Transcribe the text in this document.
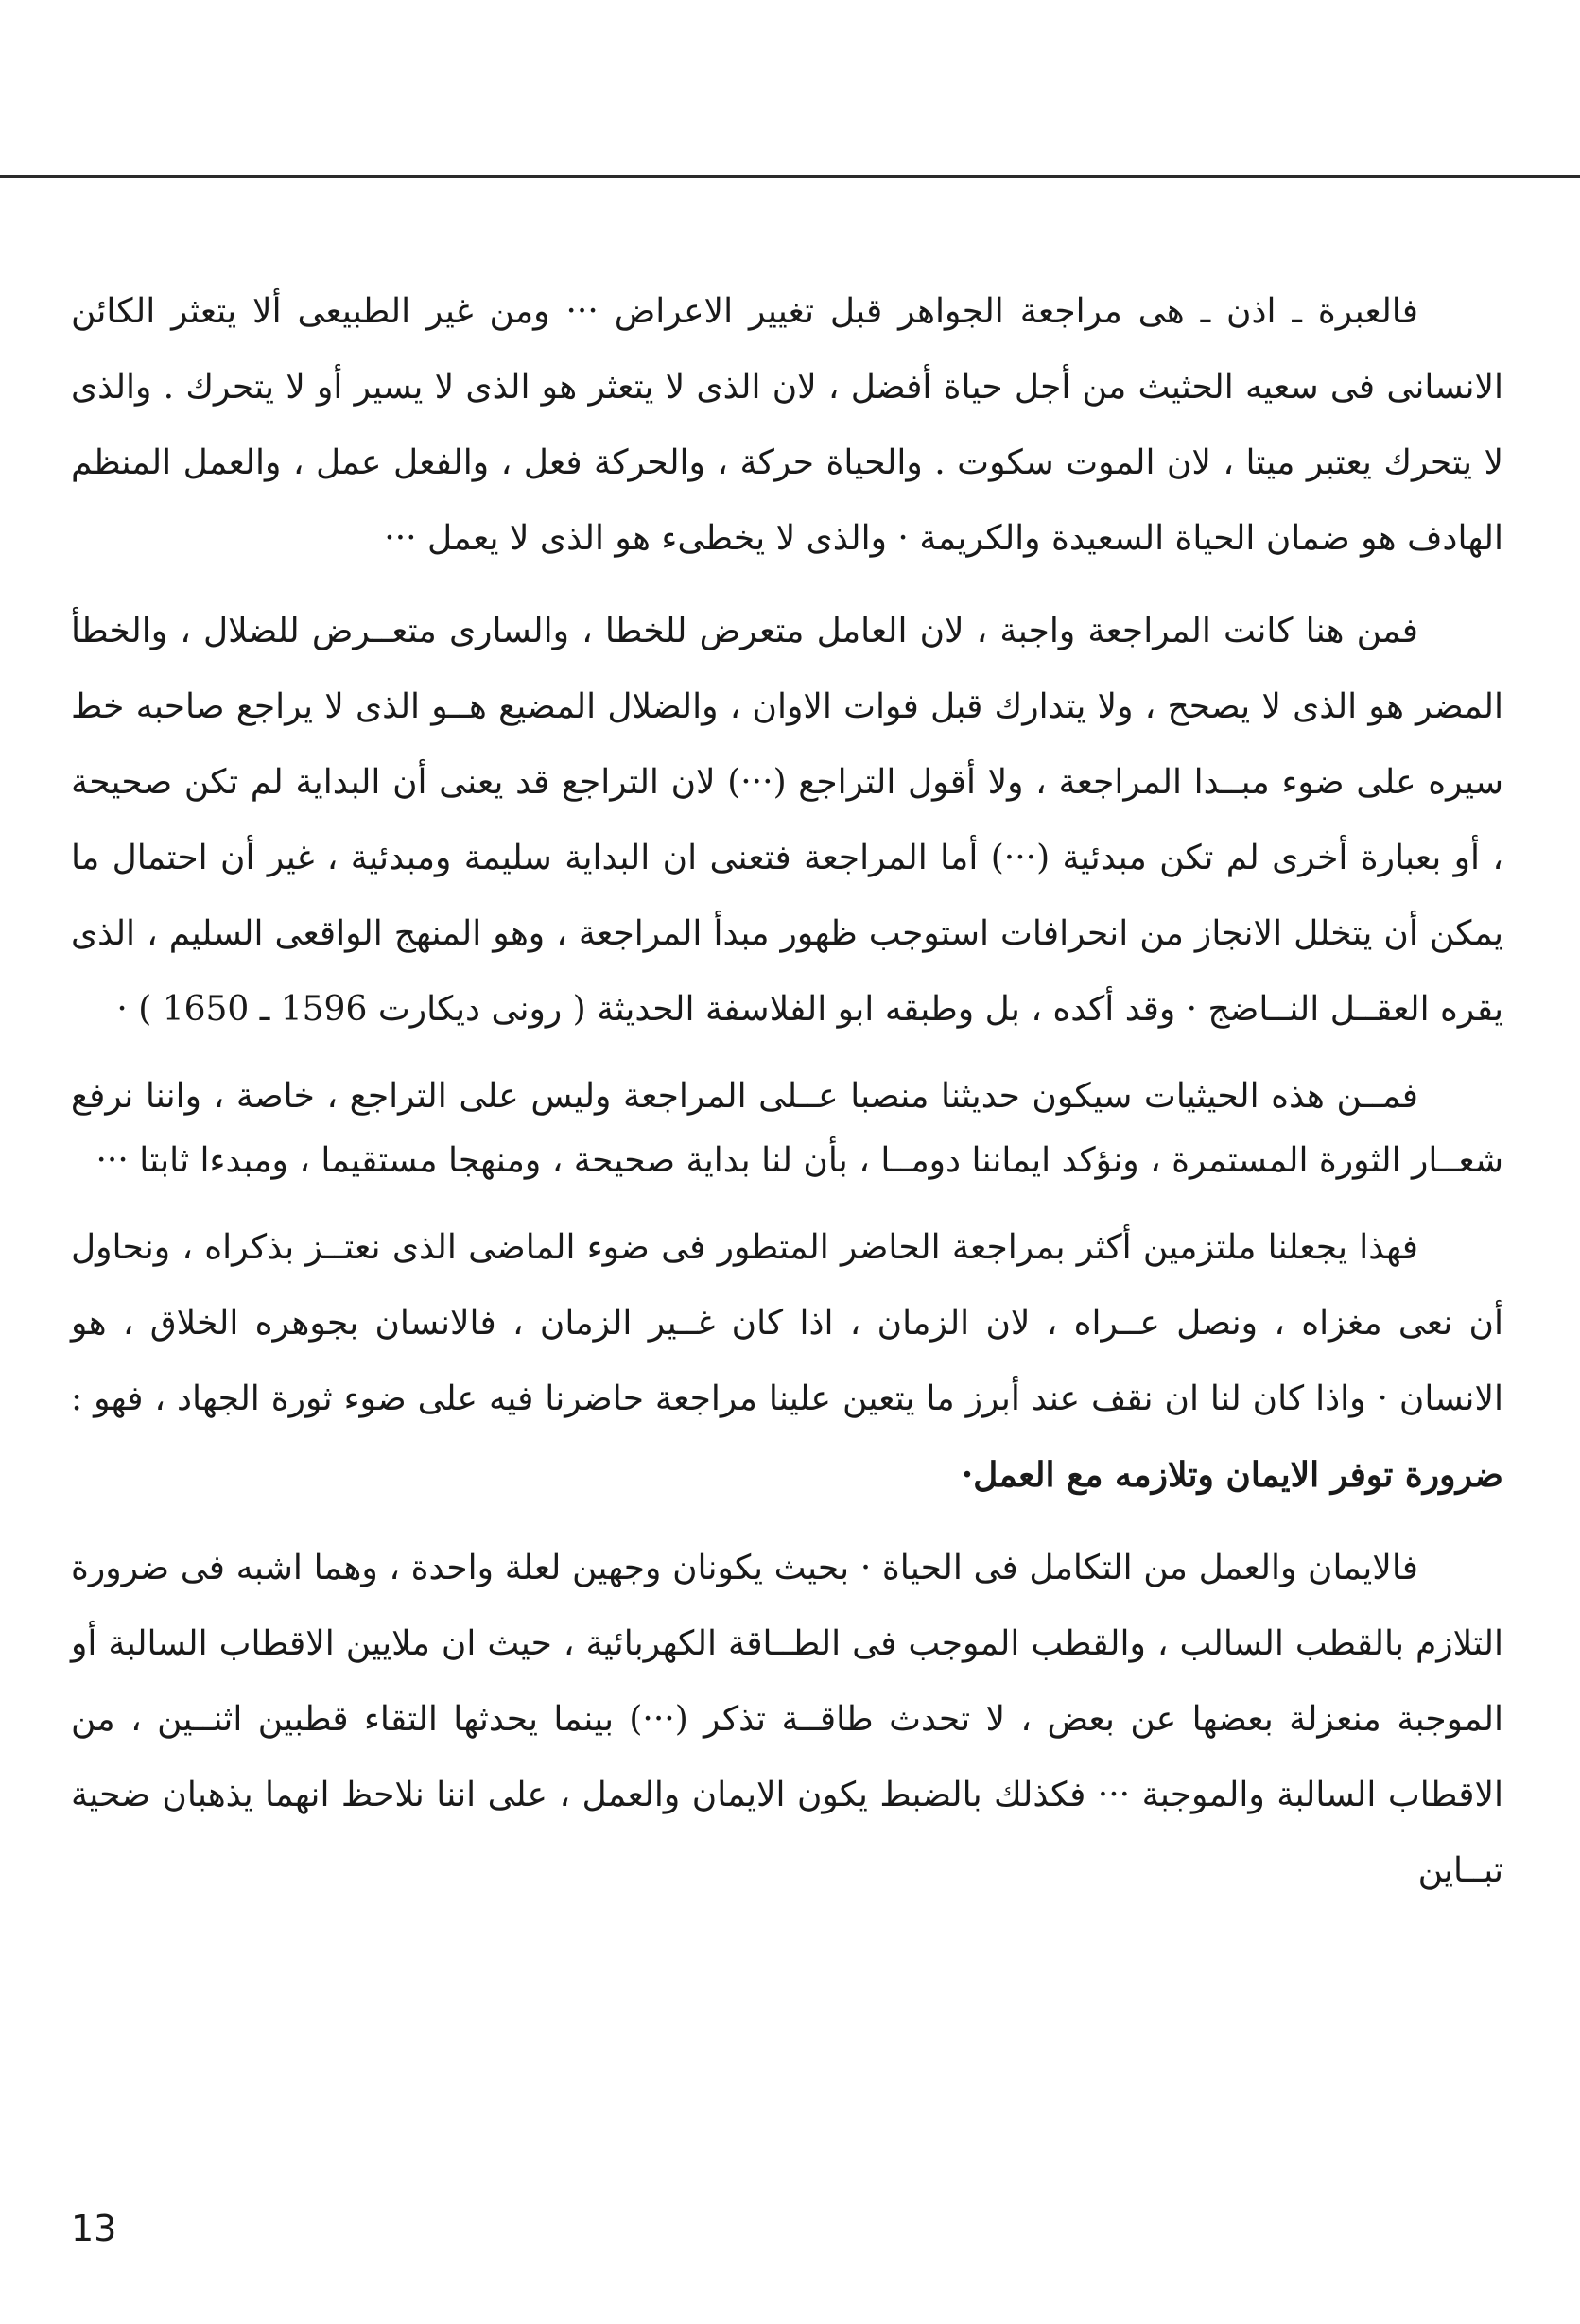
فالعبرة ـ اذن ـ هى مراجعة الجواهر قبل تغيير الاعراض ··· ومن غير الطبيعى ألا يتعثر الكائن الانسانى فى سعيه الحثيث من أجل حياة أفضل ، لان الذى لا يتعثر هو الذى لا يسير أو لا يتحرك . والذى لا يتحرك يعتبر ميتا ، لان الموت سكوت . والحياة حركة ، والحركة فعل ، والفعل عمل ، والعمل المنظم الهادف هو ضمان الحياة السعيدة والكريمة · والذى لا يخطىء هو الذى لا يعمل ···

فمن هنا كانت المراجعة واجبة ، لان العامل متعرض للخطا ، والسارى متعــرض للضلال ، والخطأ المضر هو الذى لا يصحح ، ولا يتدارك قبل فوات الاوان ، والضلال المضيع هــو الذى لا يراجع صاحبه خط سيره على ضوء مبــدا المراجعة ، ولا أقول التراجع (···) لان التراجع قد يعنى أن البداية لم تكن صحيحة ، أو بعبارة أخرى لم تكن مبدئية (···) أما المراجعة فتعنى ان البداية سليمة ومبدئية ، غير أن احتمال ما يمكن أن يتخلل الانجاز من انحرافات استوجب ظهور مبدأ المراجعة ، وهو المنهج الواقعى السليم ، الذى يقره العقــل النــاضج · وقد أكده ، بل وطبقه ابو الفلاسفة الحديثة ( رونى ديكارت 1596 ـ 1650 ) ·

فمــن هذه الحيثيات سيكون حديثنا منصبا عــلى المراجعة وليس على التراجع ، خاصة ، واننا نرفع شعــار الثورة المستمرة ، ونؤكد ايماننا دومــا ، بأن لنا بداية صحيحة ، ومنهجا مستقيما ، ومبدءا ثابتا ···

فهذا يجعلنا ملتزمين أكثر بمراجعة الحاضر المتطور فى ضوء الماضى الذى نعتــز بذكراه ، ونحاول أن نعى مغزاه ، ونصل عــراه ، لان الزمان ، اذا كان غــير الزمان ، فالانسان بجوهره الخلاق ، هو الانسان · واذا كان لنا ان نقف عند أبرز ما يتعين علينا مراجعة حاضرنا فيه على ضوء ثورة الجهاد ، فهو : ضرورة توفر الايمان وتلازمه مع العمل·

فالايمان والعمل من التكامل فى الحياة · بحيث يكونان وجهين لعلة واحدة ، وهما اشبه فى ضرورة التلازم بالقطب السالب ، والقطب الموجب فى الطــاقة الكهربائية ، حيث ان ملايين الاقطاب السالبة أو الموجبة منعزلة بعضها عن بعض ، لا تحدث طاقــة تذكر (···) بينما يحدثها التقاء قطبين اثنــين ، من الاقطاب السالبة والموجبة ··· فكذلك بالضبط يكون الايمان والعمل ، على اننا نلاحظ انهما يذهبان ضحية تبــاين

13
